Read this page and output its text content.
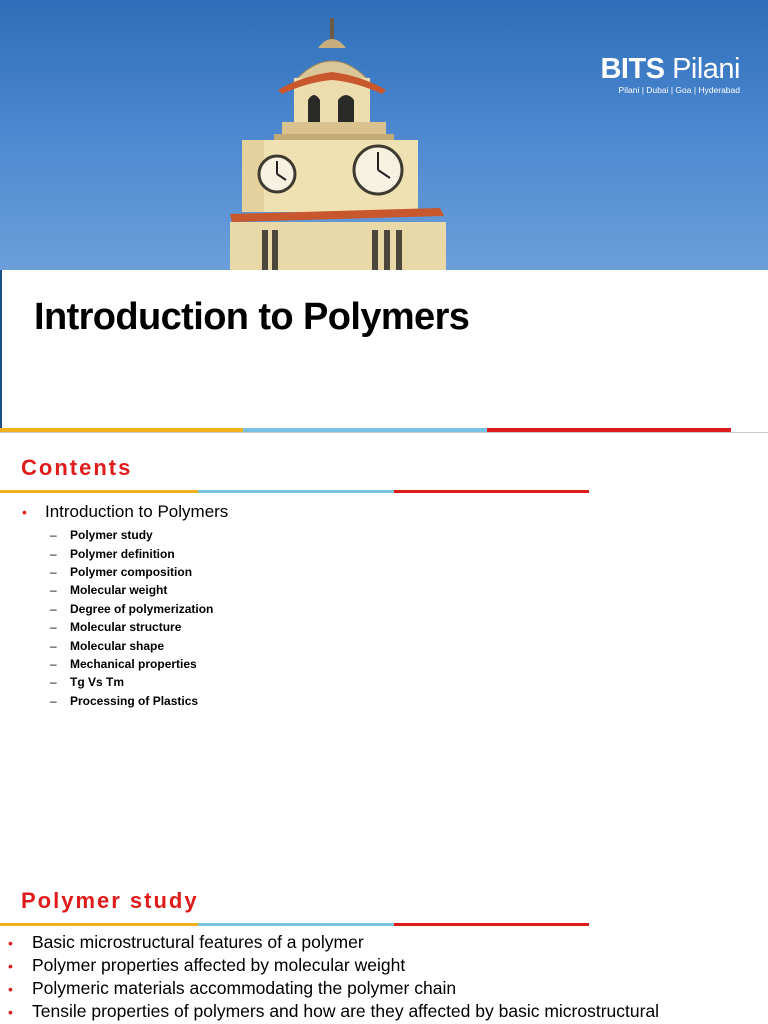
BITS Pilani
Pilani | Dubai | Goa | Hyderabad
Introduction to Polymers
Contents
• Introduction to Polymers
–	Polymer study
–	Polymer definition
–	Polymer composition
–	Molecular weight
–	Degree of polymerization
–	Molecular structure
–	Molecular shape
–	Mechanical properties
–	Tg Vs Tm
–	Processing of Plastics
Polymer study
•	Basic microstructural features of a polymer
•	Polymer properties affected by molecular weight
•	Polymeric materials accommodating the polymer chain
•	Tensile properties of polymers and how are they affected by basic microstructural
